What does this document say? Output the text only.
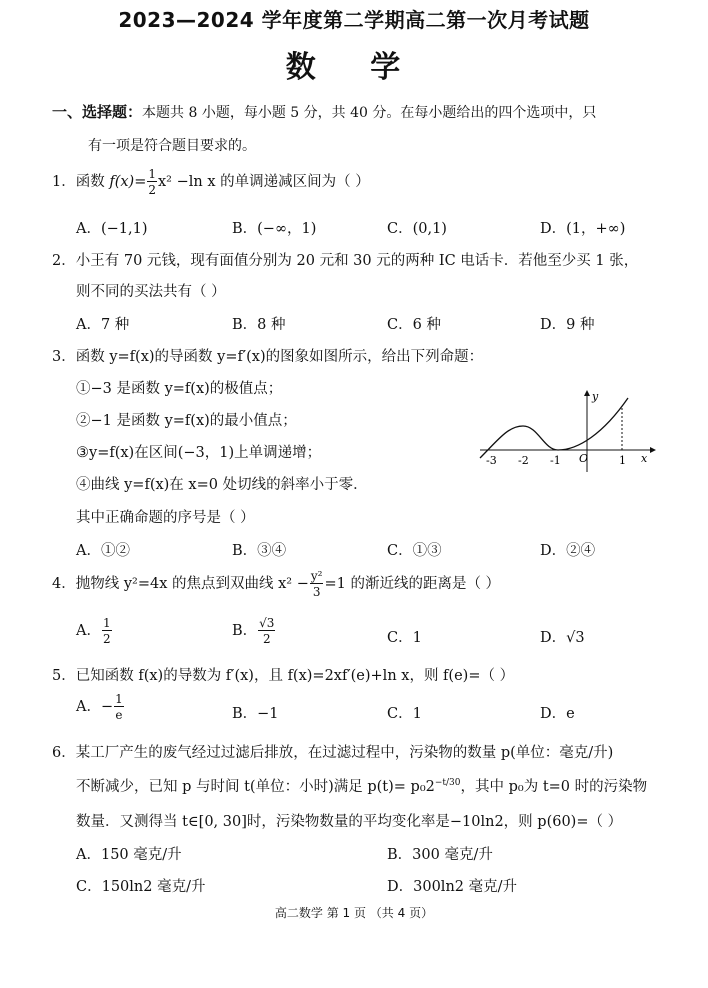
2023—2024 学年度第二学期高二第一次月考试题
数 学
一、选择题：本题共 8 小题，每小题 5 分，共 40 分。在每小题给出的四个选项中，只
有一项是符合题目要求的。
1．函数 $f(x)= \frac{1}{2} x^2 -\ln$ x 的单调递减区间为（ ）
A．(−1,1)	B．(−∞，1)	C．(0,1)	D．(1，+∞)
2．小王有 70 元钱，现有面值分别为 20 元和 30 元的两种 IC 电话卡．若他至少买 1 张，
则不同的买法共有（ ）
A．7 种	B．8 种	C．6 种	D．9 种
3．函数 y=f(x)的导函数 y=f′(x)的图象如图所示，给出下列命题：
①−3 是函数 y=f(x)的极值点；
②−1 是函数 y=f(x)的最小值点；
③y=f(x)在区间(−3，1)上单调递增；
④曲线 y=f(x)在 x=0 处切线的斜率小于零．
其中正确命题的序号是（ ）
A．①②	B．③④	C．①③	D．②④
y
x
O
-3 -2 -1	1
4．抛物线 y²=4x 的焦点到双曲线 $x^2 - \frac{\text{y²}}{3} =1$ 的渐近线的距离是（ ）
A． $\frac{1}{2}$	B． $\frac{√3}{2}$	C．1	D．√3
5．已知函数 f(x)的导数为 f′(x)，且 f(x)=2xf′(e)+ln x，则 f(e)=（ ）
A．− $\frac{1}{e}$	B．−1	C．1	D．e
6．某工厂产生的废气经过过滤后排放，在过滤过程中，污染物的数量 p(单位：毫克/升)
不断减少，已知 p 与时间 t(单位：小时)满足 $p(t)= p_02^{-t/30}$，其中 p₀为 t=0 时的污染物
数量．又测得当 t∈[0, 30]时，污染物数量的平均变化率是−10ln2，则 p(60)=（ ）
A．150 毫克/升	B．300 毫克/升
C．150ln2 毫克/升	D．300ln2 毫克/升
高二数学 第 1 页 （共 4 页）
